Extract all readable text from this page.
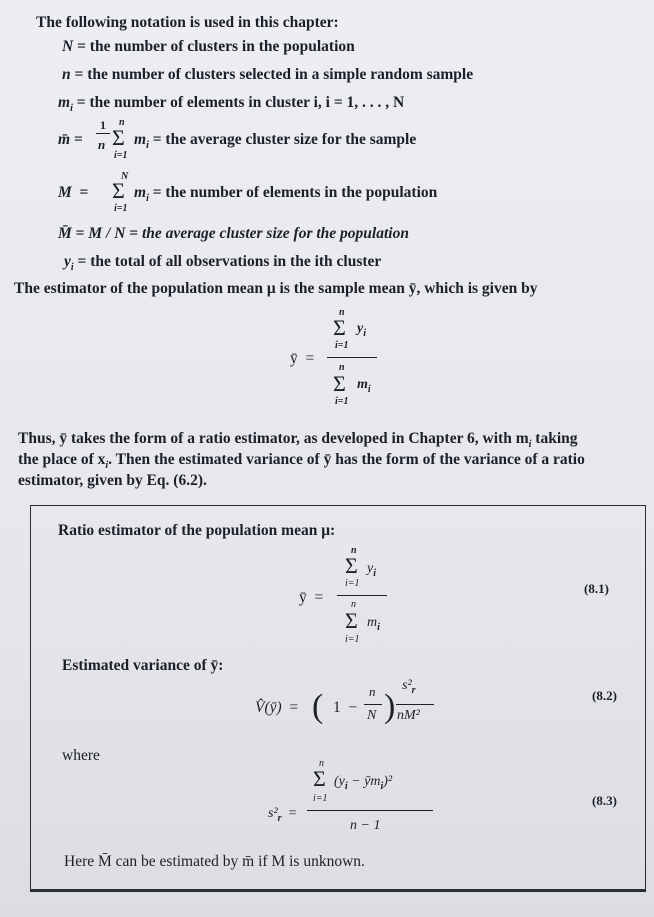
The following notation is used in this chapter:
N = the number of clusters in the population
n = the number of clusters selected in a simple random sample
$m_i$ = the number of elements in cluster i, i = 1, . . . , N
m̄ =
1
n
n
Σ
i=1
$m_i$ = the average cluster size for the sample
N
M = Σ
i=1
$m_i$ = the number of elements in the population
M̄ = M / N = the average cluster size for the population
$y_i$ = the total of all observations in the ith cluster
The estimator of the population mean μ is the sample mean ȳ, which is given by
n
Σ $y_i$
i=1
ȳ =
n
Σ $m_i$
i=1
Thus, ȳ takes the form of a ratio estimator, as developed in Chapter 6, with $m_i$ taking
the place of $x_i$. Then the estimated variance of ȳ has the form of the variance of a ratio
estimator, given by Eq. (6.2).
Ratio estimator of the population mean μ:
n
Σ $y_i$
i=1
ȳ =	n
Σ $m_i$
i=1
(8.1)
Estimated variance of ȳ:
V̂(ȳ) = ( 1 −
n
N )
$s^2_r$
nM²
(8.2)
where	n
Σ ($y_i$ − $ȳm_i)^2$
i=1
$s^2_r$ =
n − 1
(8.3)
Here M̄ can be estimated by m̄ if M is unknown.
